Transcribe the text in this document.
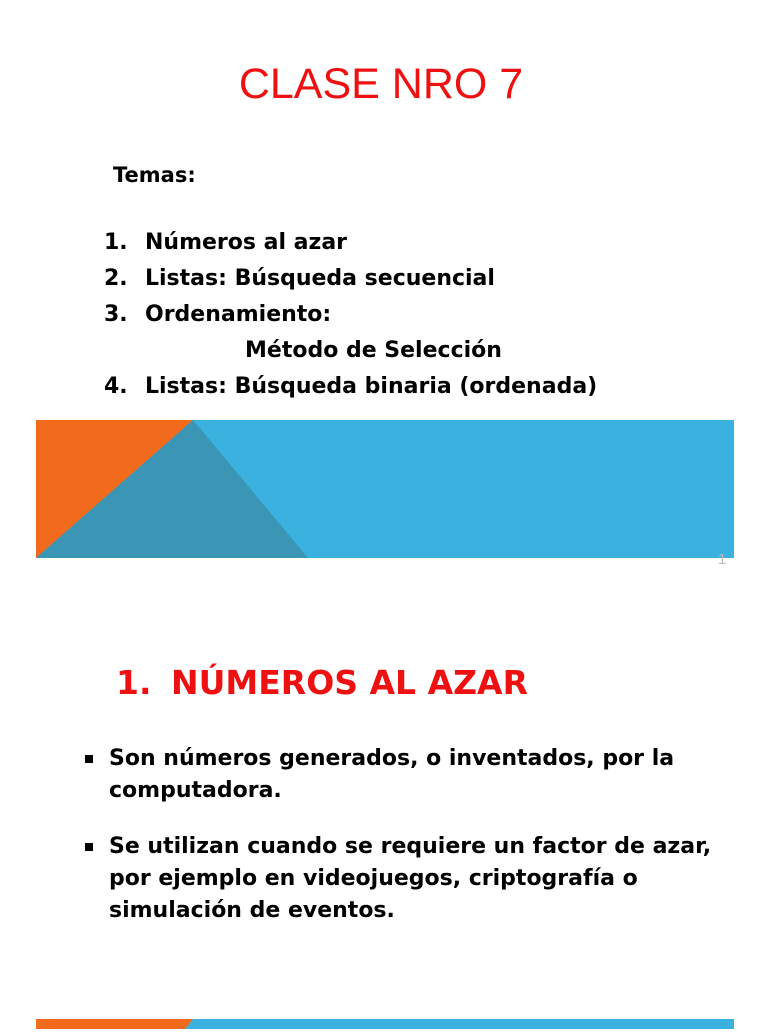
CLASE NRO 7
Temas:
1. Números al azar
2. Listas: Búsqueda secuencial
3. Ordenamiento:
Método de Selección
4. Listas: Búsqueda binaria (ordenada)
1
1. NÚMEROS AL AZAR
Son números generados, o inventados, por la computadora.
Se utilizan cuando se requiere un factor de azar, por ejemplo en videojuegos, criptografía o simulación de eventos.
